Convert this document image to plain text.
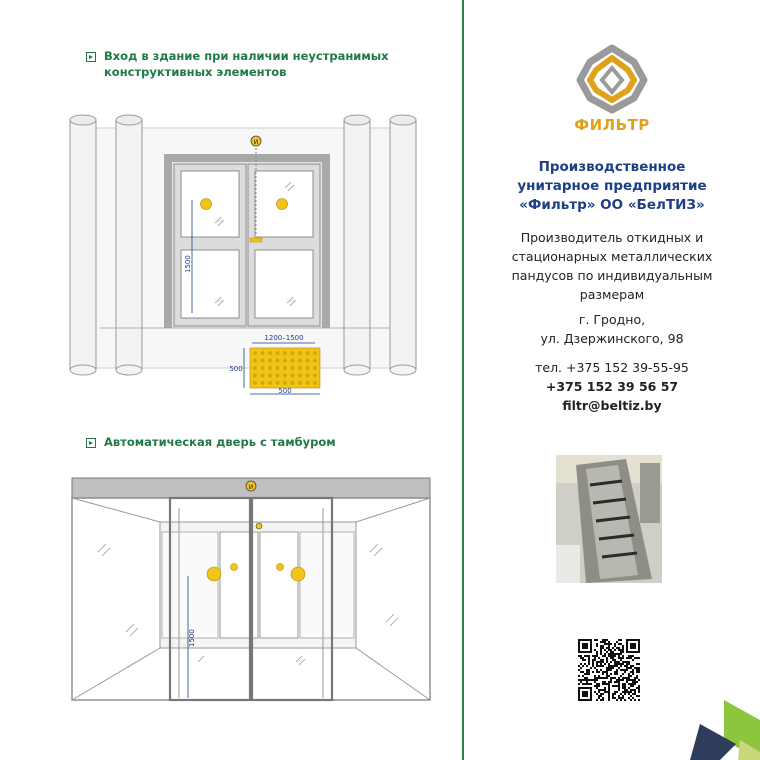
Вход в здание при наличии неустранимых конструктивных элементов
И
1500
1200–1500
500
500
Автоматическая дверь с тамбуром
И
1500
ФИЛЬТР
Производственное
унитарное предприятие
«Фильтр» ОО «БелТИЗ»
Производитель откидных и
стационарных металлических
пандусов по индивидуальным
размерам
г. Гродно,
ул. Дзержинского, 98
тел. +375 152 39-55-95
+375 152 39 56 57
filtr@beltiz.by
